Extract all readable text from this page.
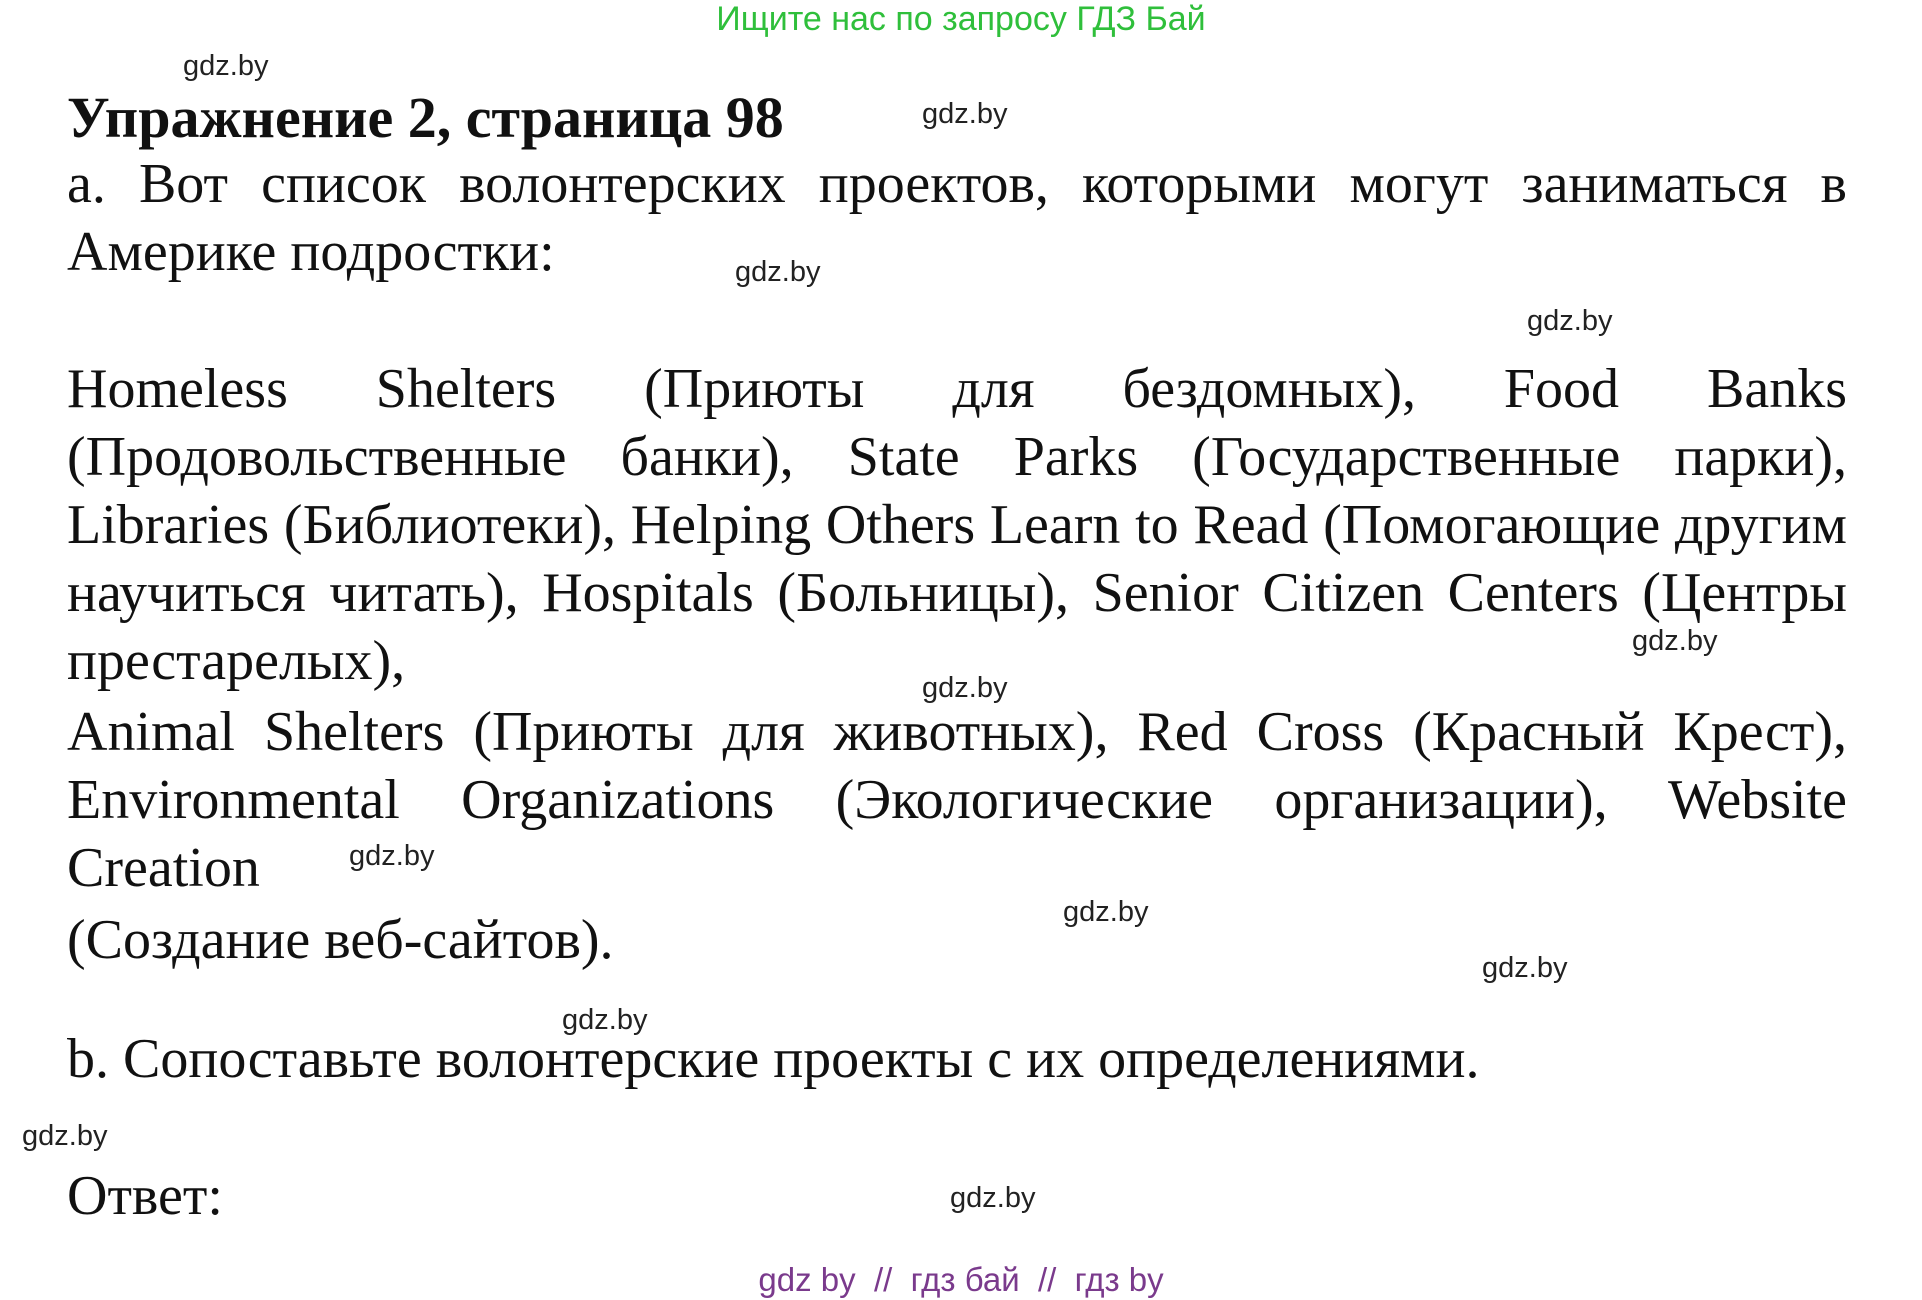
Ищите нас по запросу ГДЗ Бай
Упражнение 2, страница 98
a. Вот список волонтерских проектов, которыми могут заниматься в Америке подростки:
Homeless Shelters (Приюты для бездомных), Food Banks (Продовольственные банки), State Parks (Государственные парки), Libraries (Библиотеки), Helping Others Learn to Read (Помогающие другим научиться читать), Hospitals (Больницы), Senior Citizen Centers (Центры престарелых),
Animal Shelters (Приюты для животных), Red Cross (Красный Крест), Environmental Organizations (Экологические организации), Website Creation
(Создание веб-сайтов).
b. Сопоставьте волонтерские проекты с их определениями.
Ответ:
gdz.by
gdz.by
gdz.by
gdz.by
gdz.by
gdz.by
gdz.by
gdz.by
gdz.by
gdz.by
gdz.by
gdz.by
gdz by  //  гдз бай  //  гдз by
